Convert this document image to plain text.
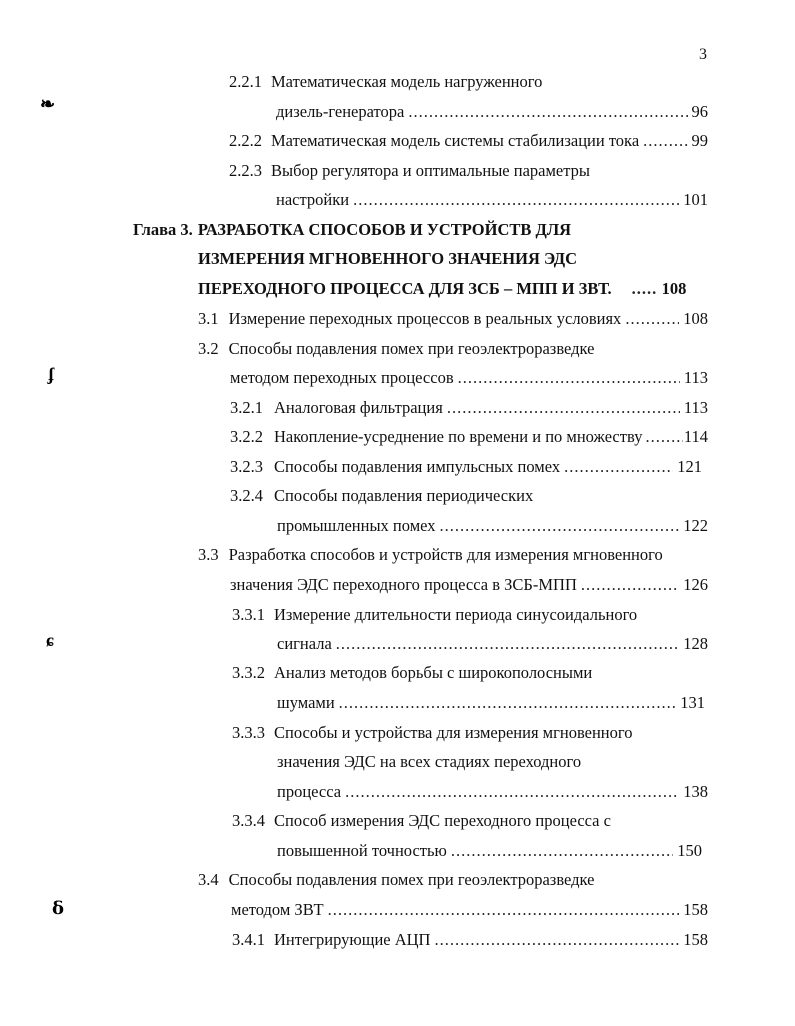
3
❧
ʄ
ɕ
ẟ
2.2.1 Математическая модель нагруженного
дизель-генератора .....	96
2.2.2 Математическая модель системы стабилизации тока .....	99
2.2.3 Выбор регулятора и оптимальные параметры
настройки .....	101
Глава 3. РАЗРАБОТКА СПОСОБОВ И УСТРОЙСТВ ДЛЯ
ИЗМЕРЕНИЯ МГНОВЕННОГО ЗНАЧЕНИЯ ЭДС
ПЕРЕХОДНОГО ПРОЦЕССА ДЛЯ ЗСБ – МПП И ЗВТ. .....	108
3.1 Измерение переходных процессов в реальных условиях .....	108
3.2 Способы подавления помех при геоэлектроразведке
методом переходных процессов .....	113
3.2.1 Аналоговая фильтрация .....	113
3.2.2 Накопление-усреднение по времени и по множеству .....	114
3.2.3 Способы подавления импульсных помех .....	121
3.2.4 Способы подавления периодических
промышленных помех .....	122
3.3 Разработка способов и устройств для измерения мгновенного
значения ЭДС переходного процесса в ЗСБ-МПП .....	126
3.3.1 Измерение длительности периода синусоидального
сигнала .....	128
3.3.2 Анализ методов борьбы с широкополосными
шумами .....	131
3.3.3 Способы и устройства для измерения мгновенного
значения ЭДС на всех стадиях переходного
процесса .....	138
3.3.4 Способ измерения ЭДС переходного процесса с
повышенной точностью .....	150
3.4 Способы подавления помех при геоэлектроразведке
методом ЗВТ .....	158
3.4.1 Интегрирующие АЦП .....	158
